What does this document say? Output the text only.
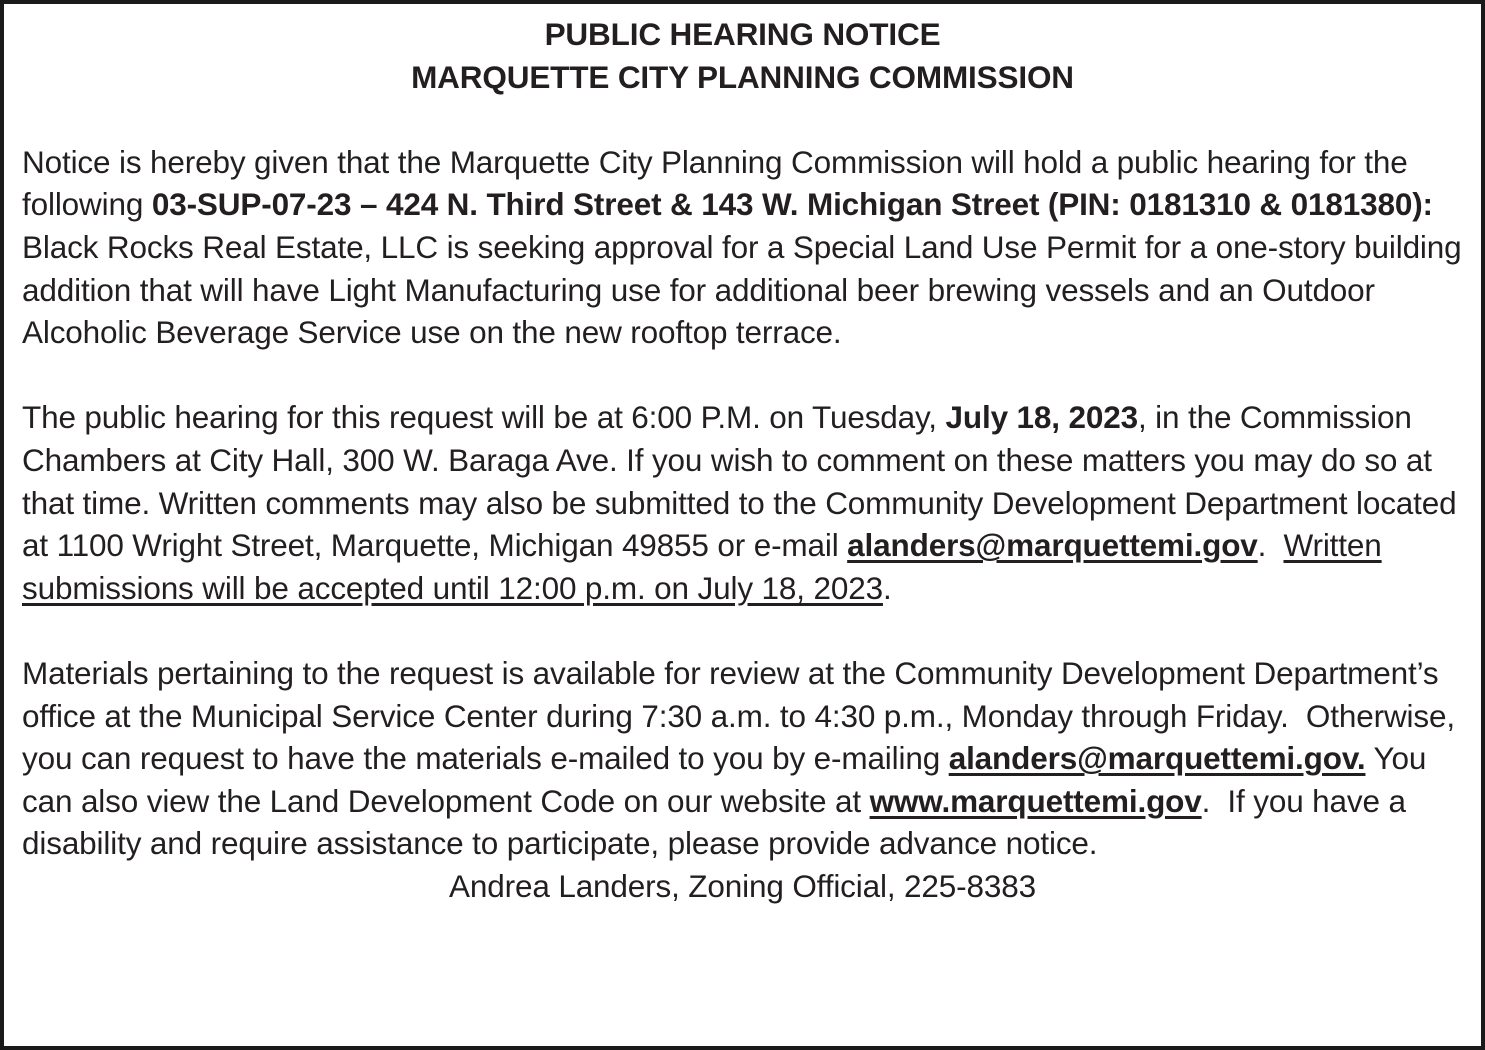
PUBLIC HEARING NOTICE
MARQUETTE CITY PLANNING COMMISSION

Notice is hereby given that the Marquette City Planning Commission will hold a public hearing for the following 03-SUP-07-23 – 424 N. Third Street & 143 W. Michigan Street (PIN: 0181310 & 0181380):  Black Rocks Real Estate, LLC is seeking approval for a Special Land Use Permit for a one-story building addition that will have Light Manufacturing use for additional beer brewing vessels and an Outdoor Alcoholic Beverage Service use on the new rooftop terrace.

The public hearing for this request will be at 6:00 P.M. on Tuesday, July 18, 2023, in the Commission Chambers at City Hall, 300 W. Baraga Ave. If you wish to comment on these matters you may do so at that time. Written comments may also be submitted to the Community Development Department located at 1100 Wright Street, Marquette, Michigan 49855 or e-mail alanders@marquettemi.gov.  Written submissions will be accepted until 12:00 p.m. on July 18, 2023.

Materials pertaining to the request is available for review at the Community Development Department’s office at the Municipal Service Center during 7:30 a.m. to 4:30 p.m., Monday through Friday.  Otherwise, you can request to have the materials e-mailed to you by e-mailing alanders@marquettemi.gov. You can also view the Land Development Code on our website at www.marquettemi.gov.  If you have a disability and require assistance to participate, please provide advance notice.

Andrea Landers, Zoning Official, 225-8383
